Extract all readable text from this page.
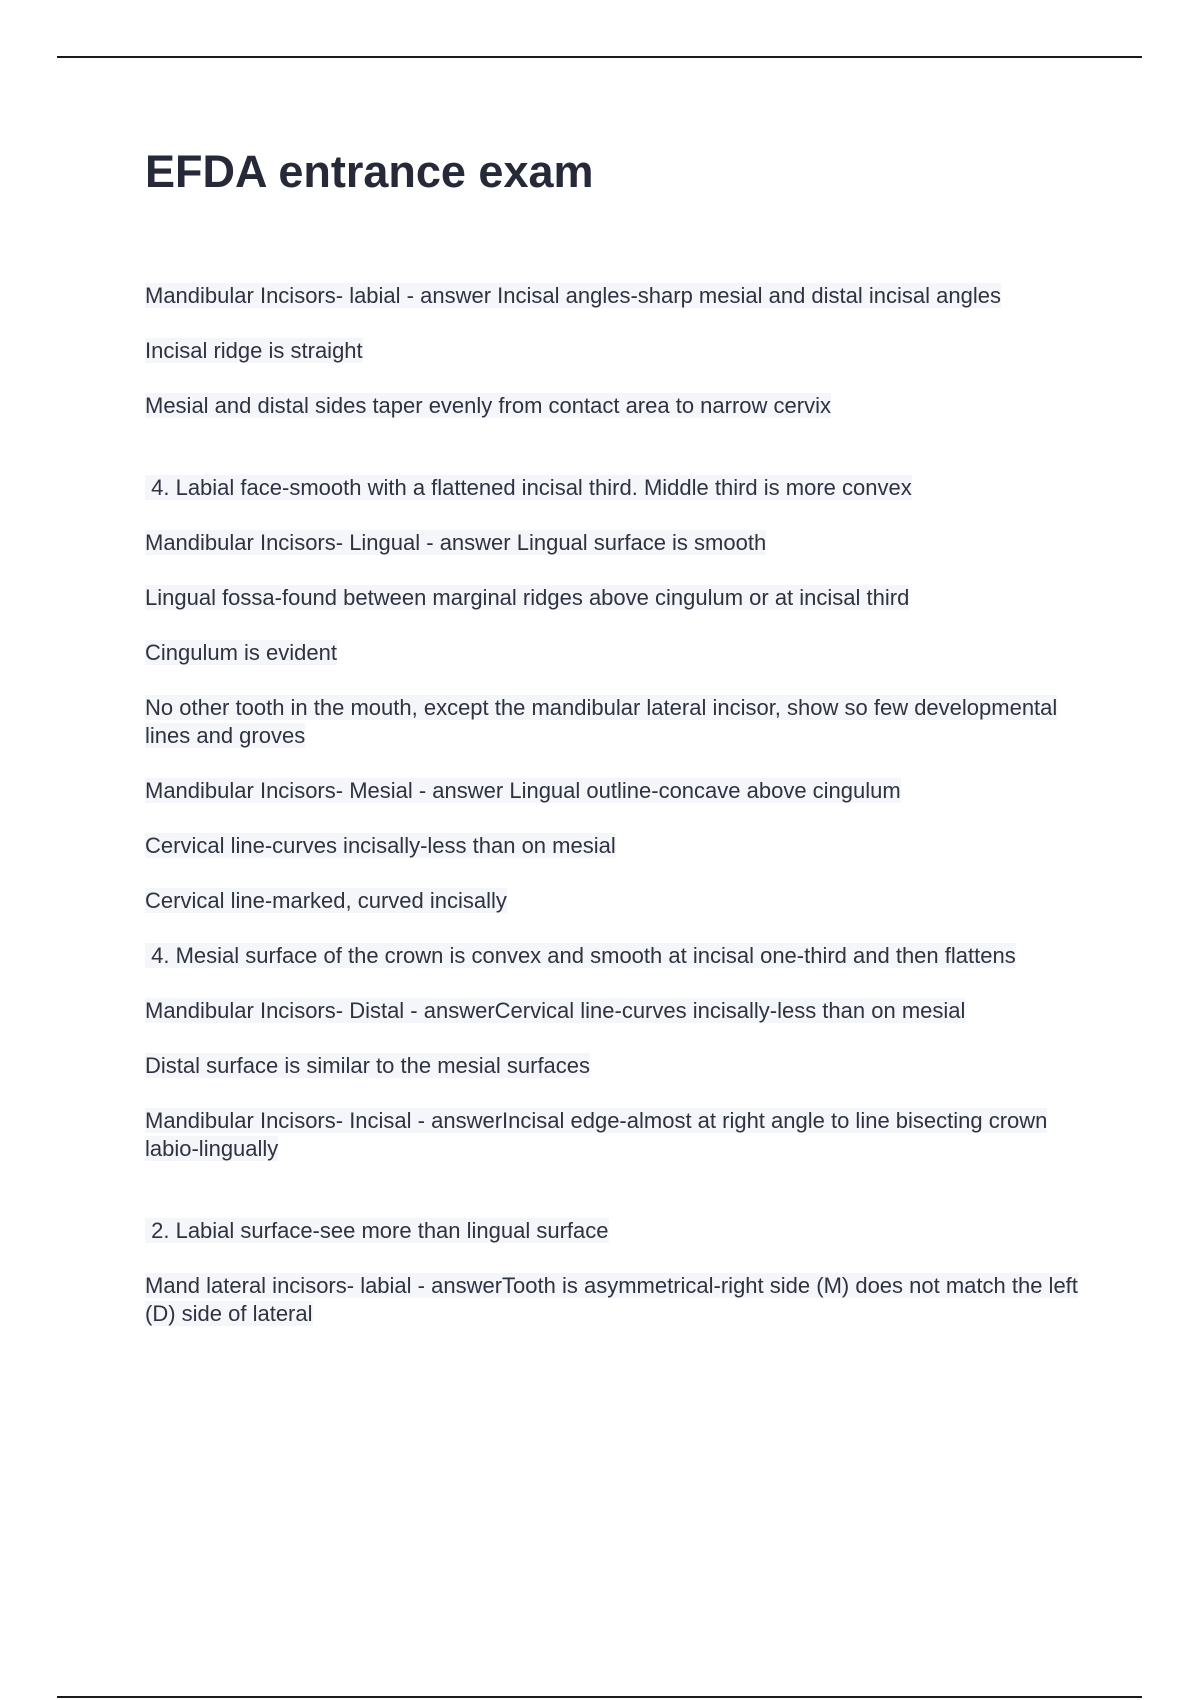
EFDA entrance exam

Mandibular Incisors- labial - answer Incisal angles-sharp mesial and distal incisal angles

Incisal ridge is straight

Mesial and distal sides taper evenly from contact area to narrow cervix

4. Labial face-smooth with a flattened incisal third. Middle third is more convex

Mandibular Incisors- Lingual - answer Lingual surface is smooth

Lingual fossa-found between marginal ridges above cingulum or at incisal third

Cingulum is evident

No other tooth in the mouth, except the mandibular lateral incisor, show so few developmental lines and groves

Mandibular Incisors- Mesial - answer Lingual outline-concave above cingulum

Cervical line-curves incisally-less than on mesial

Cervical line-marked, curved incisally

4. Mesial surface of the crown is convex and smooth at incisal one-third and then flattens

Mandibular Incisors- Distal - answerCervical line-curves incisally-less than on mesial

Distal surface is similar to the mesial surfaces

Mandibular Incisors- Incisal - answerIncisal edge-almost at right angle to line bisecting crown labio-lingually

2. Labial surface-see more than lingual surface

Mand lateral incisors- labial - answerTooth is asymmetrical-right side (M) does not match the left (D) side of lateral
